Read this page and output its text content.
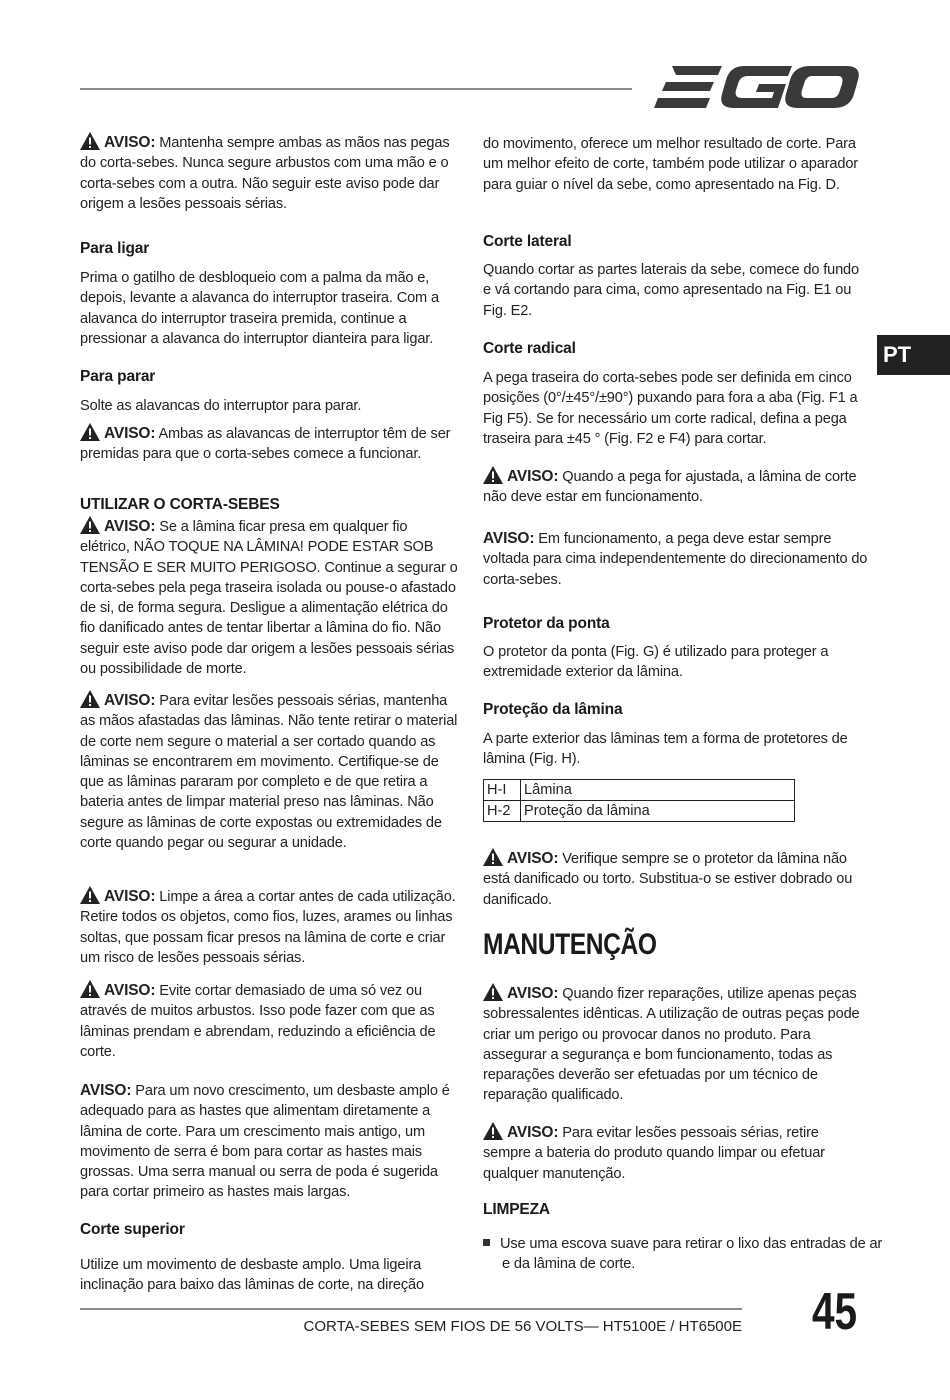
PT

AVISO: Mantenha sempre ambas as mãos nas pegas do corta-sebes. Nunca segure arbustos com uma mão e o corta-sebes com a outra. Não seguir este aviso pode dar origem a lesões pessoais sérias.

Para ligar

Prima o gatilho de desbloqueio com a palma da mão e, depois, levante a alavanca do interruptor traseira. Com a alavanca do interruptor traseira premida, continue a pressionar a alavanca do interruptor dianteira para ligar.

Para parar

Solte as alavancas do interruptor para parar.

AVISO: Ambas as alavancas de interruptor têm de ser premidas para que o corta-sebes comece a funcionar.

UTILIZAR O CORTA-SEBES

AVISO: Se a lâmina ficar presa em qualquer fio elétrico, NÃO TOQUE NA LÂMINA! PODE ESTAR SOB TENSÃO E SER MUITO PERIGOSO. Continue a segurar o corta-sebes pela pega traseira isolada ou pouse-o afastado de si, de forma segura. Desligue a alimentação elétrica do fio danificado antes de tentar libertar a lâmina do fio. Não seguir este aviso pode dar origem a lesões pessoais sérias ou possibilidade de morte.

AVISO: Para evitar lesões pessoais sérias, mantenha as mãos afastadas das lâminas. Não tente retirar o material de corte nem segure o material a ser cortado quando as lâminas se encontrarem em movimento. Certifique-se de que as lâminas pararam por completo e de que retira a bateria antes de limpar material preso nas lâminas. Não segure as lâminas de corte expostas ou extremidades de corte quando pegar ou segurar a unidade.

AVISO: Limpe a área a cortar antes de cada utilização. Retire todos os objetos, como fios, luzes, arames ou linhas soltas, que possam ficar presos na lâmina de corte e criar um risco de lesões pessoais sérias.

AVISO: Evite cortar demasiado de uma só vez ou através de muitos arbustos. Isso pode fazer com que as lâminas prendam e abrendam, reduzindo a eficiência de corte.

AVISO: Para um novo crescimento, um desbaste amplo é adequado para as hastes que alimentam diretamente a lâmina de corte. Para um crescimento mais antigo, um movimento de serra é bom para cortar as hastes mais grossas. Uma serra manual ou serra de poda é sugerida para cortar primeiro as hastes mais largas.

Corte superior

Utilize um movimento de desbaste amplo. Uma ligeira inclinação para baixo das lâminas de corte, na direção

do movimento, oferece um melhor resultado de corte. Para um melhor efeito de corte, também pode utilizar o aparador para guiar o nível da sebe, como apresentado na Fig. D.

Corte lateral

Quando cortar as partes laterais da sebe, comece do fundo e vá cortando para cima, como apresentado na Fig. E1 ou Fig. E2.

Corte radical

A pega traseira do corta-sebes pode ser definida em cinco posições (0°/±45°/±90°) puxando para fora a aba (Fig. F1 a Fig F5). Se for necessário um corte radical, defina a pega traseira para ±45 ° (Fig. F2 e F4) para cortar.

AVISO: Quando a pega for ajustada, a lâmina de corte não deve estar em funcionamento.

AVISO: Em funcionamento, a pega deve estar sempre voltada para cima independentemente do direcionamento do corta-sebes.

Protetor da ponta

O protetor da ponta (Fig. G) é utilizado para proteger a extremidade exterior da lâmina.

Proteção da lâmina

A parte exterior das lâminas tem a forma de protetores de lâmina (Fig. H).

AVISO: Verifique sempre se o protetor da lâmina não está danificado ou torto. Substitua-o se estiver dobrado ou danificado.

MANUTENÇÃO

AVISO: Quando fizer reparações, utilize apenas peças sobressalentes idênticas. A utilização de outras peças pode criar um perigo ou provocar danos no produto. Para assegurar a segurança e bom funcionamento, todas as reparações deverão ser efetuadas por um técnico de reparação qualificado.

AVISO: Para evitar lesões pessoais sérias, retire sempre a bateria do produto quando limpar ou efetuar qualquer manutenção.

LIMPEZA

Use uma escova suave para retirar o lixo das entradas de ar e da lâmina de corte.

H-I	Lâmina
H-2	Proteção da lâmina
CORTA-SEBES SEM FIOS DE 56 VOLTS— HT5100E / HT6500E 45
